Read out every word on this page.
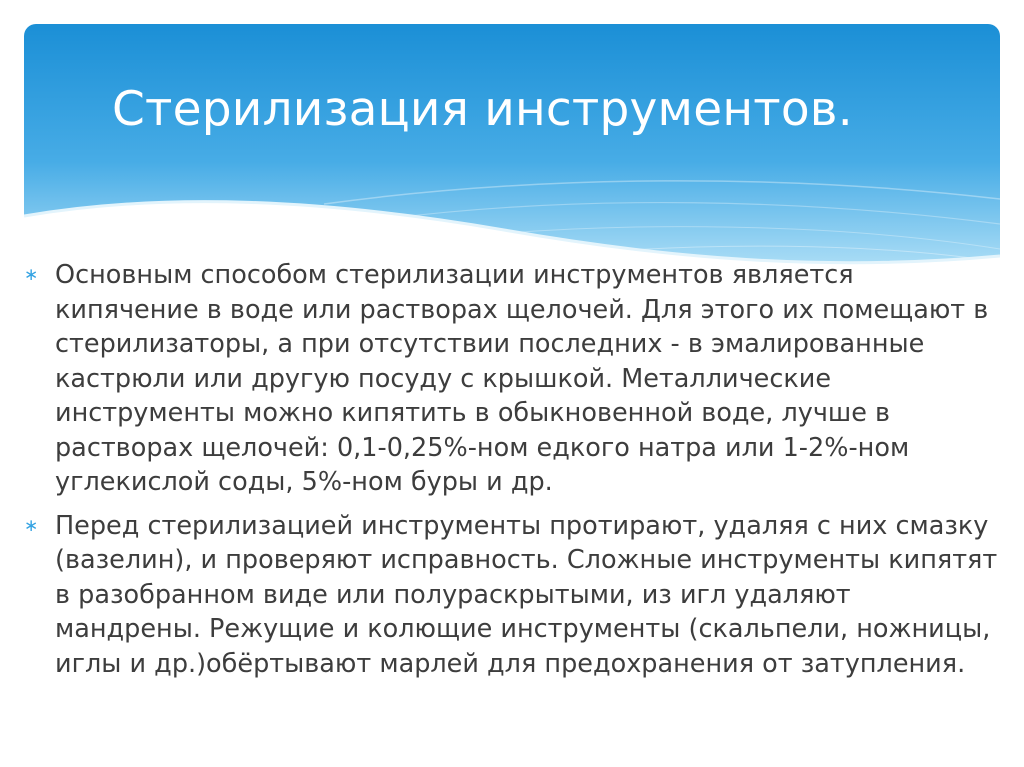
Стерилизация инструментов.
∗ Основным способом стерилизации инструментов является кипячение в воде или растворах щелочей. Для этого их помещают в стерилизаторы, а при отсутствии последних - в эмалированные кастрюли или другую посуду с крышкой. Металлические инструменты можно кипятить в обыкновенной воде, лучше в растворах щелочей: 0,1-0,25%-ном едкого натра или 1-2%-ном углекислой соды, 5%-ном буры и др.
∗ Перед стерилизацией инструменты протирают, удаляя с них смазку (вазелин), и проверяют исправность. Сложные инструменты кипятят в разобранном виде или полураскрытыми, из игл удаляют мандрены. Режущие и колющие инструменты (скальпели, ножницы, иглы и др.)обёртывают марлей для предохранения от затупления.
